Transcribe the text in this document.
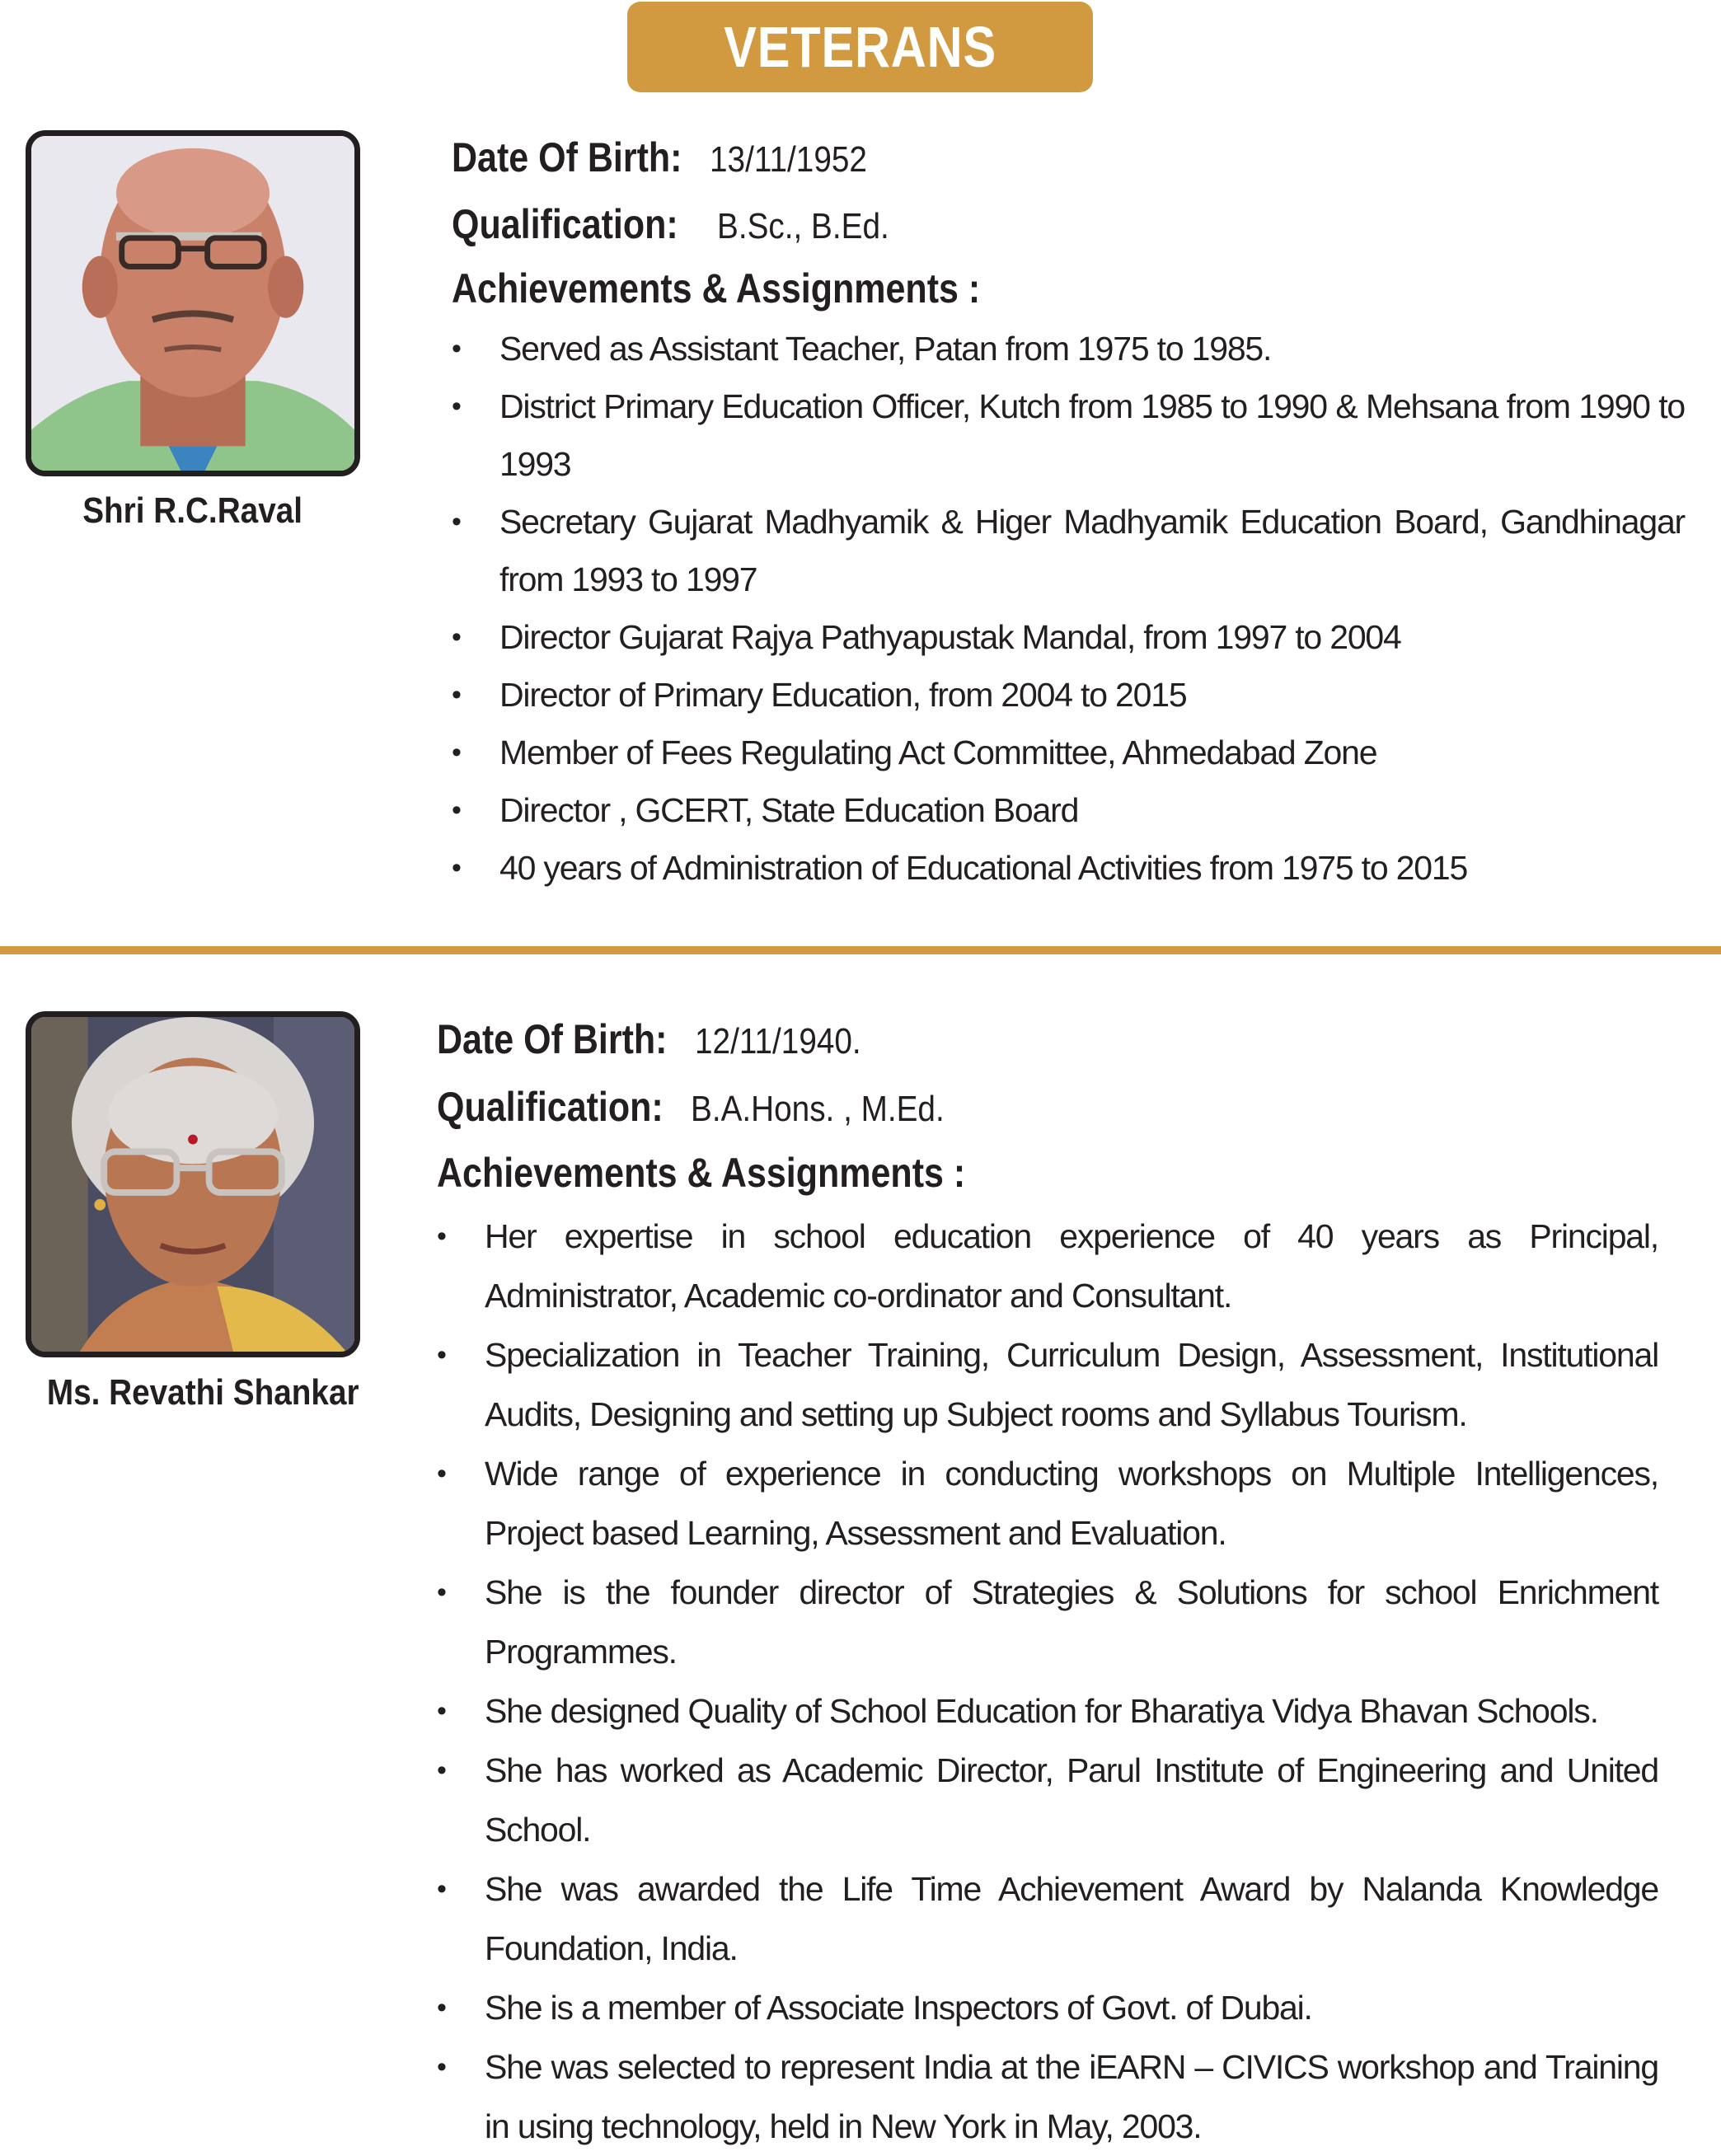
VETERANS
Shri R.C.Raval
Date Of Birth: 13/11/1952
Qualification: B.Sc., B.Ed.
Achievements & Assignments :
• Served as Assistant Teacher, Patan from 1975 to 1985.
• District Primary Education Officer, Kutch from 1985 to 1990 & Mehsana from 1990 to 1993
• Secretary Gujarat Madhyamik & Higer Madhyamik Education Board, Gandhinagar from 1993 to 1997
• Director Gujarat Rajya Pathyapustak Mandal, from 1997 to 2004
• Director of Primary Education, from 2004 to 2015
• Member of Fees Regulating Act Committee, Ahmedabad Zone
• Director , GCERT, State Education Board
• 40 years of Administration of Educational Activities from 1975 to 2015
Ms. Revathi Shankar
Date Of Birth: 12/11/1940.
Qualification: B.A.Hons. , M.Ed.
Achievements & Assignments :
• Her expertise in school education experience of 40 years as Principal, Administrator, Academic co-ordinator and Consultant.
• Specialization in Teacher Training, Curriculum Design, Assessment, Institutional Audits, Designing and setting up Subject rooms and Syllabus Tourism.
• Wide range of experience in conducting workshops on Multiple Intelligences, Project based Learning, Assessment and Evaluation.
• She is the founder director of Strategies & Solutions for school Enrichment Programmes.
• She designed Quality of School Education for Bharatiya Vidya Bhavan Schools.
• She has worked as Academic Director, Parul Institute of Engineering and United School.
• She was awarded the Life Time Achievement Award by Nalanda Knowledge Foundation, India.
• She is a member of Associate Inspectors of Govt. of Dubai.
• She was selected to represent India at the iEARN – CIVICS workshop and Training in using technology, held in New York in May, 2003.
